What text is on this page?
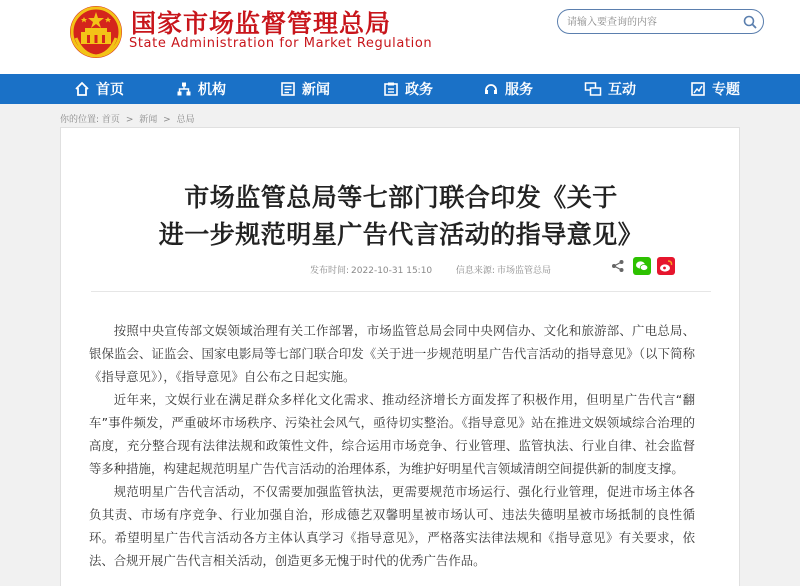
国家市场监督管理总局
State Administration for Market Regulation
请输入要查询的内容
首页	机构	新闻	政务	服务	互动	专题
你的位置: 首页 > 新闻 > 总局
市场监管总局等七部门联合印发《关于
进一步规范明星广告代言活动的指导意见》
发布时间: 2022-10-31 15:10	信息来源: 市场监管总局

按照中央宣传部文娱领域治理有关工作部署，市场监管总局会同中央网信办、文化和旅游部、广电总局、银保监会、证监会、国家电影局等七部门联合印发《关于进一步规范明星广告代言活动的指导意见》（以下简称《指导意见》），《指导意见》自公布之日起实施。

近年来，文娱行业在满足群众多样化文化需求、推动经济增长方面发挥了积极作用，但明星广告代言“翻车”事件频发，严重破坏市场秩序、污染社会风气，亟待切实整治。《指导意见》站在推进文娱领域综合治理的高度，充分整合现有法律法规和政策性文件，综合运用市场竞争、行业管理、监管执法、行业自律、社会监督等多种措施，构建起规范明星广告代言活动的治理体系，为维护好明星代言领域清朗空间提供新的制度支撑。

规范明星广告代言活动，不仅需要加强监管执法，更需要规范市场运行、强化行业管理，促进市场主体各负其责、市场有序竞争、行业加强自治，形成德艺双馨明星被市场认可、违法失德明星被市场抵制的良性循环。希望明星广告代言活动各方主体认真学习《指导意见》，严格落实法律法规和《指导意见》有关要求，依法、合规开展广告代言相关活动，创造更多无愧于时代的优秀广告作品。
